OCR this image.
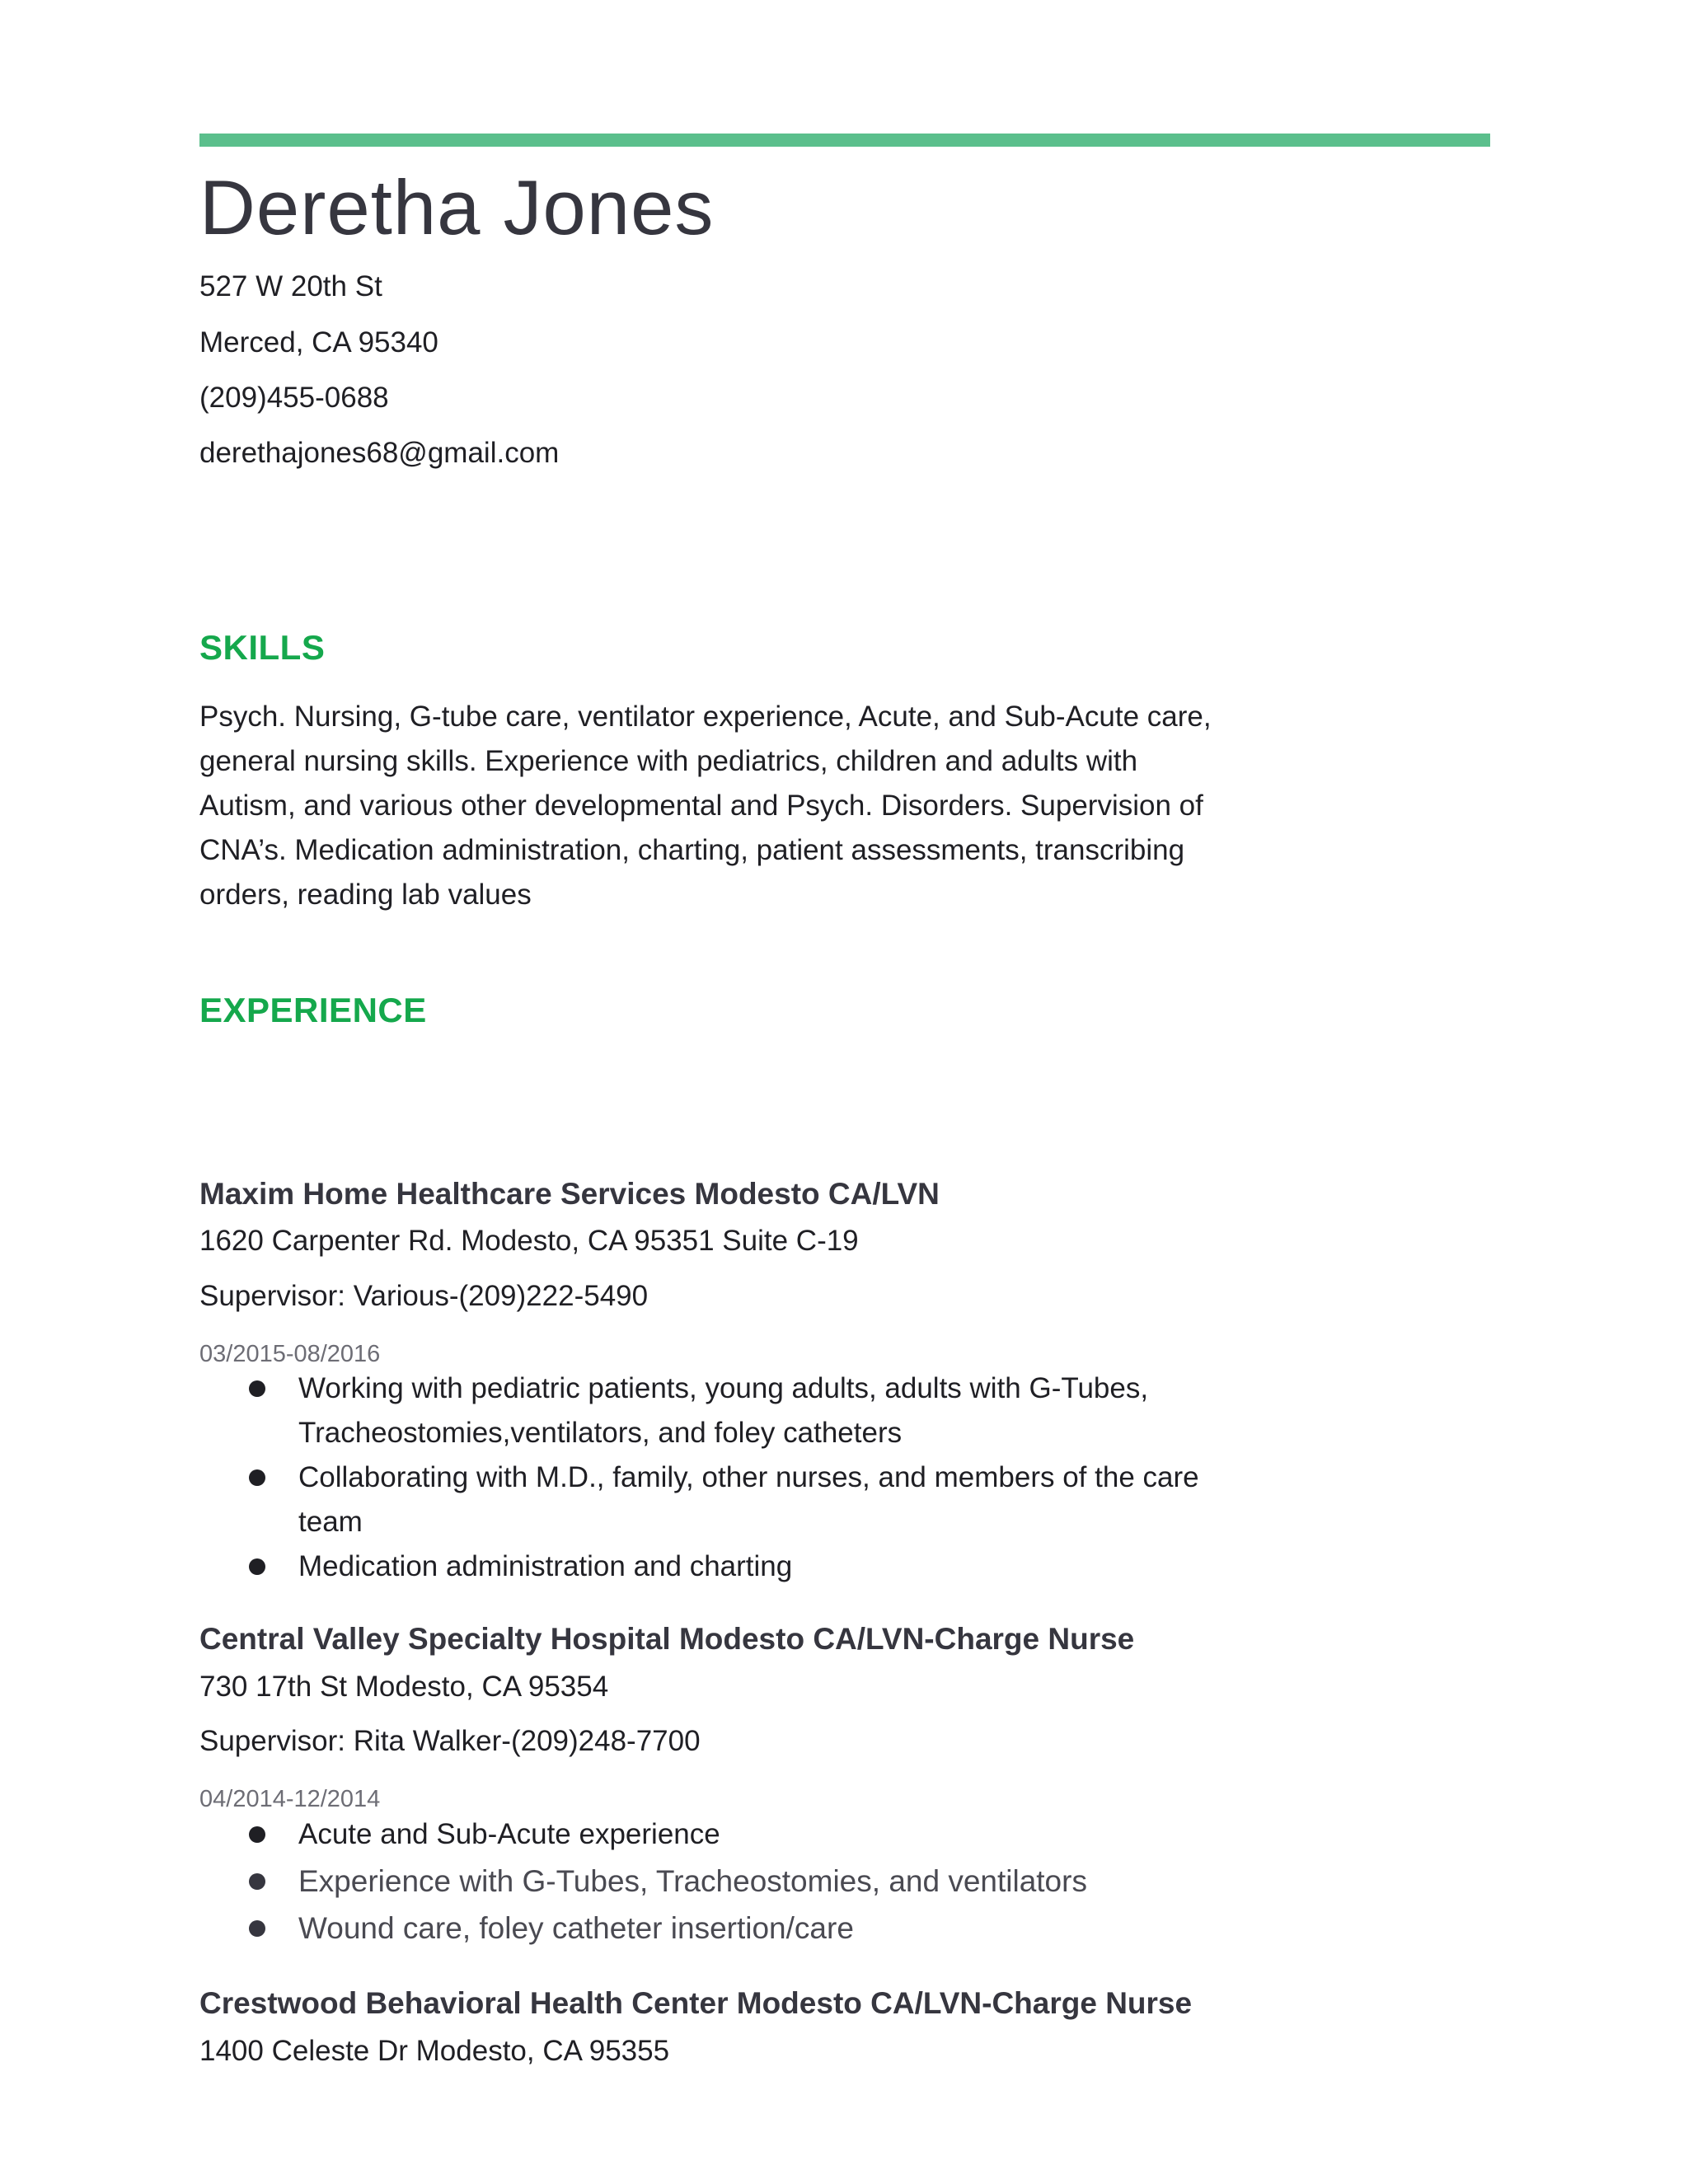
Deretha Jones
527 W 20th St
Merced, CA 95340
(209)455-0688
derethajones68@gmail.com
SKILLS
Psych. Nursing, G-tube care, ventilator experience, Acute, and Sub-Acute care,
general nursing skills. Experience with pediatrics, children and adults with
Autism, and various other developmental and Psych. Disorders. Supervision of
CNA’s. Medication administration, charting, patient assessments, transcribing
orders, reading lab values
EXPERIENCE
Maxim Home Healthcare Services Modesto CA/LVN
1620 Carpenter Rd. Modesto, CA 95351 Suite C-19
Supervisor: Various-(209)222-5490
03/2015-08/2016
Working with pediatric patients, young adults, adults with G-Tubes,
Tracheostomies,ventilators, and foley catheters
Collaborating with M.D., family, other nurses, and members of the care
team
Medication administration and charting
Central Valley Specialty Hospital Modesto CA/LVN-Charge Nurse
730 17th St Modesto, CA 95354
Supervisor: Rita Walker-(209)248-7700
04/2014-12/2014
Acute and Sub-Acute experience
Experience with G-Tubes, Tracheostomies, and ventilators
Wound care, foley catheter insertion/care
Crestwood Behavioral Health Center Modesto CA/LVN-Charge Nurse
1400 Celeste Dr Modesto, CA 95355
